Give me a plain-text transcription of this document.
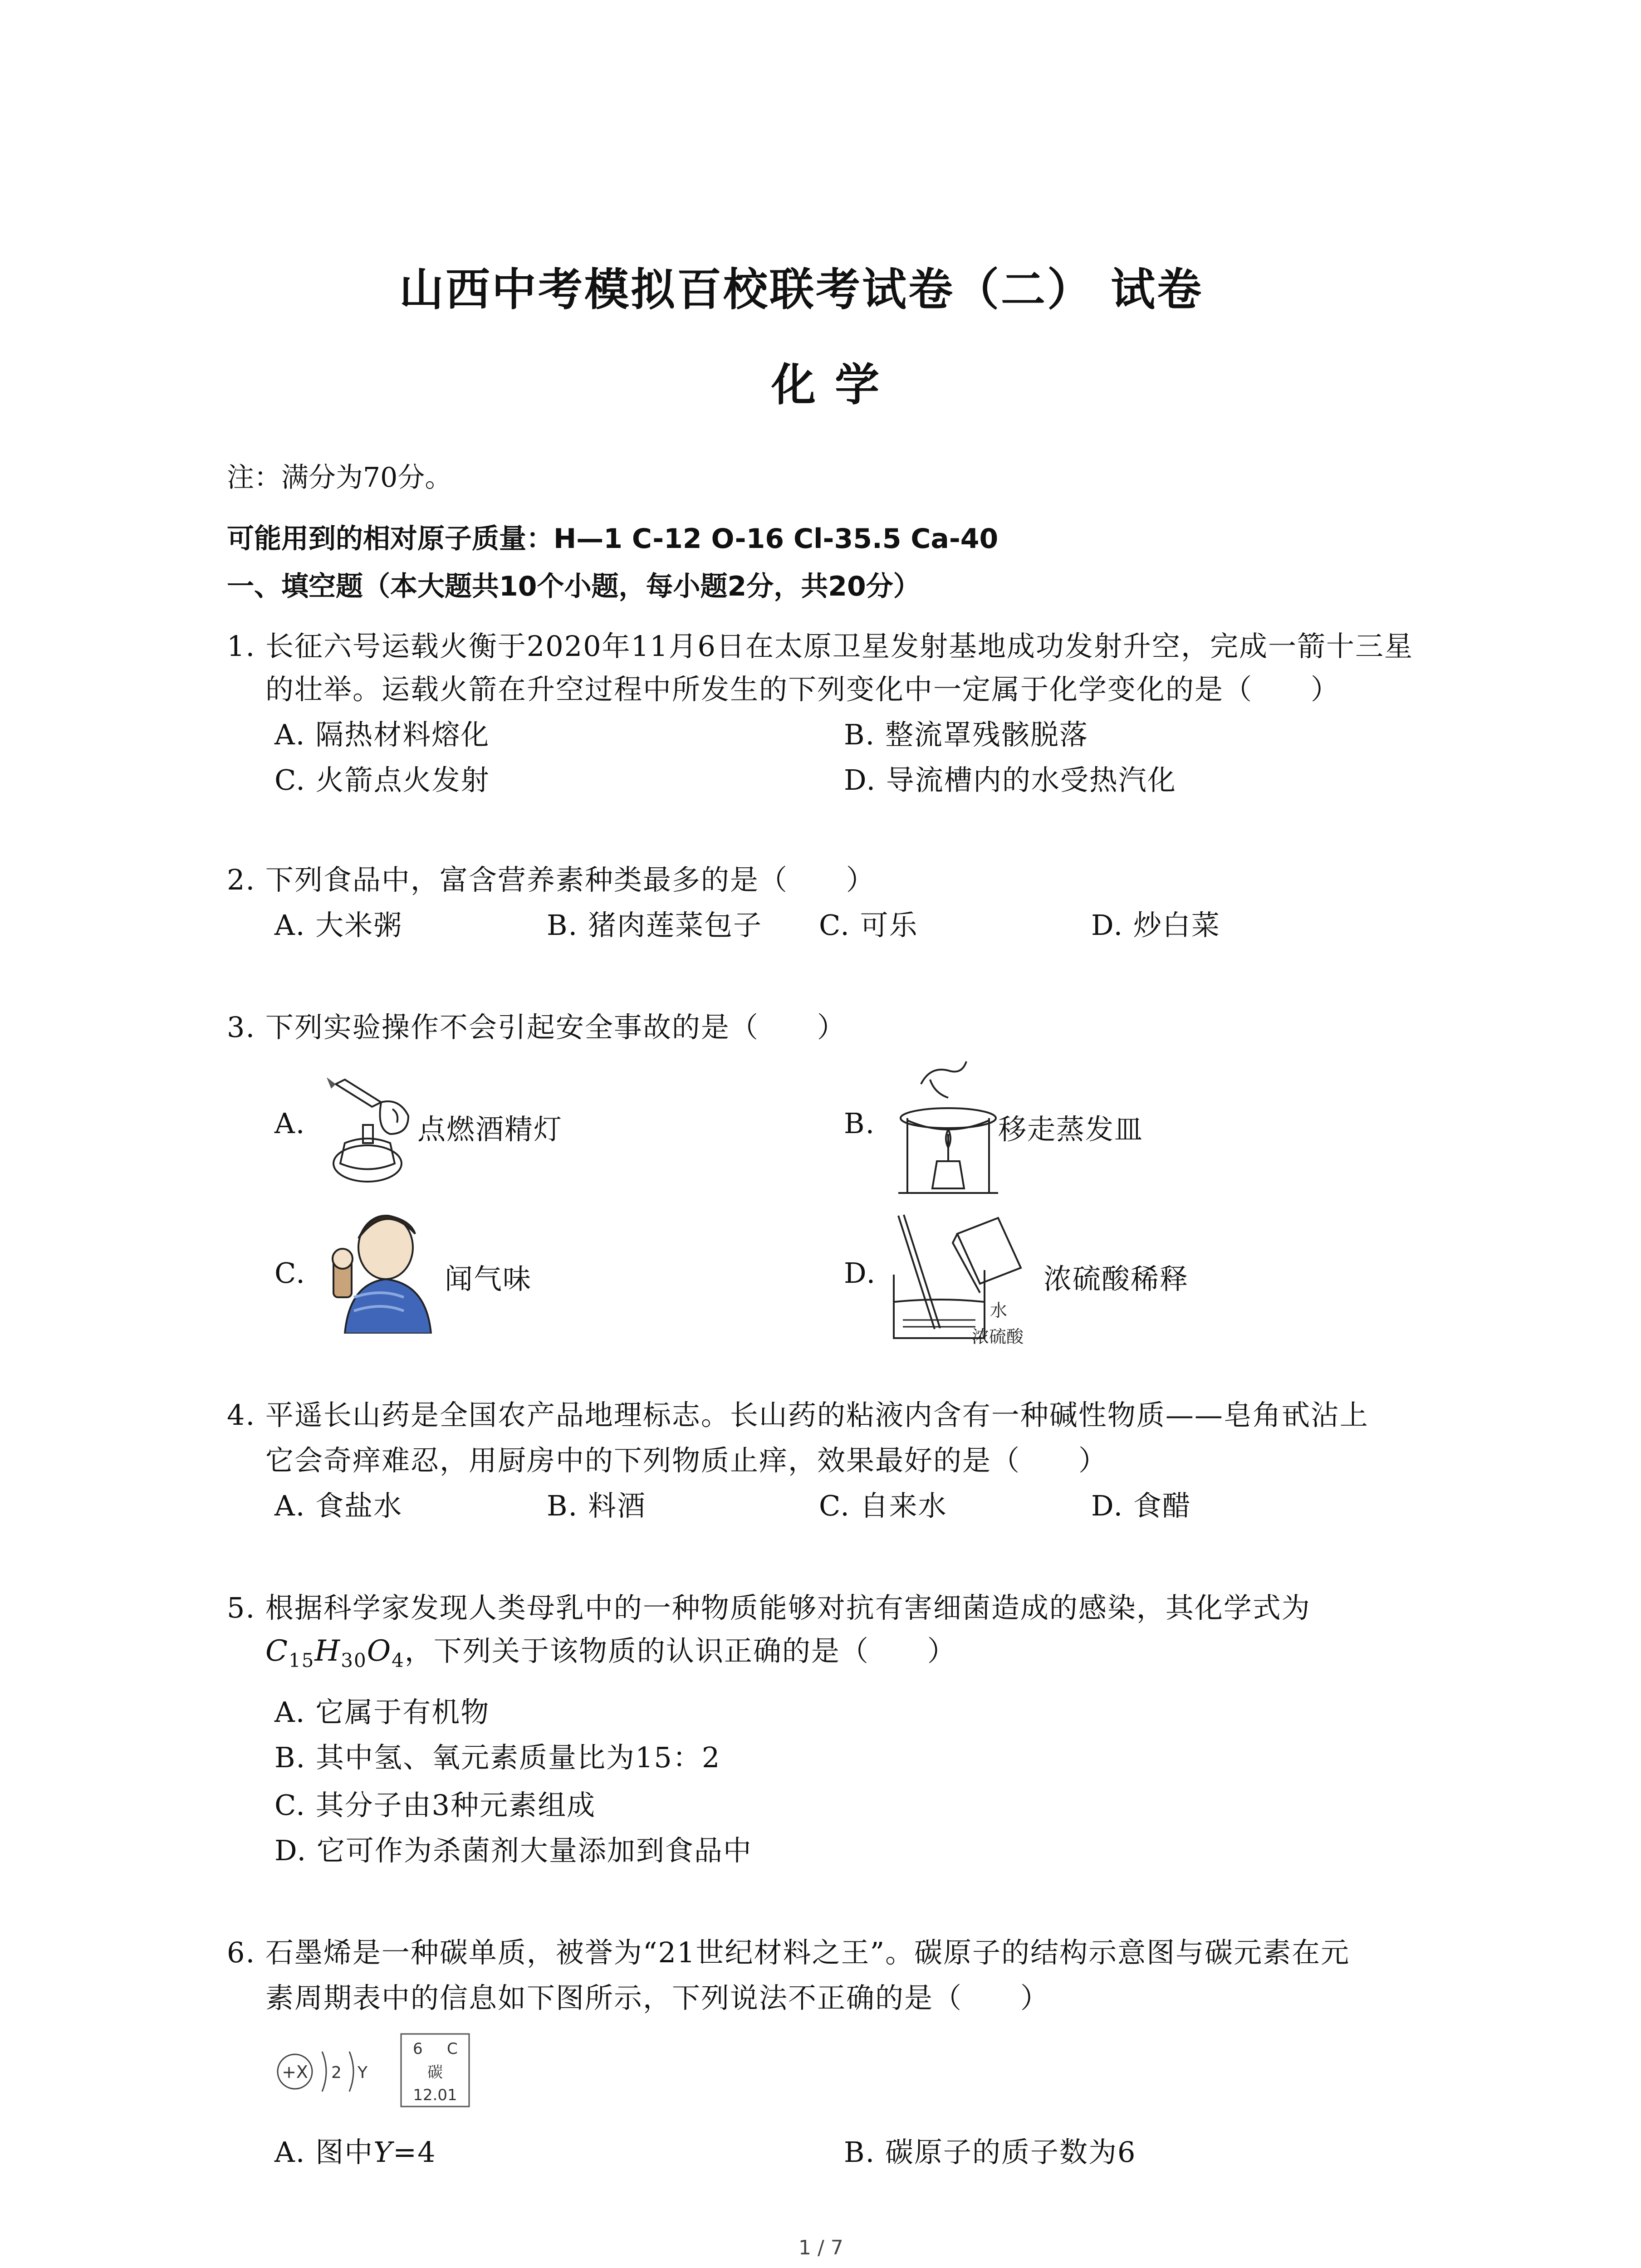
山西中考模拟百校联考试卷（二） 试卷
化 学
注：满分为70分。
可能用到的相对原子质量：H—1 C-12 O-16 Cl-35.5 Ca-40
一、填空题（本大题共10个小题，每小题2分，共20分）
1. 长征六号运载火衡于2020年11月6日在太原卫星发射基地成功发射升空，完成一箭十三星
的壮举。运载火箭在升空过程中所发生的下列变化中一定属于化学变化的是（　　）
A. 隔热材料熔化	B. 整流罩残骸脱落
C. 火箭点火发射	D. 导流槽内的水受热汽化
2. 下列食品中，富含营养素种类最多的是（　　）
A. 大米粥	B. 猪肉莲菜包子 C. 可乐	D. 炒白菜
3. 下列实验操作不会引起安全事故的是（　　）
A.	点燃酒精灯	B.	移走蒸发皿
C.	闻气味	D.
水
浓硫酸
浓硫酸稀释
4. 平遥长山药是全国农产品地理标志。长山药的粘液内含有一种碱性物质——皂角甙沾上
它会奇痒难忍，用厨房中的下列物质止痒，效果最好的是（　　）
A. 食盐水	B. 料酒	C. 自来水	D. 食醋
5. 根据科学家发现人类母乳中的一种物质能够对抗有害细菌造成的感染，其化学式为
$C_{15}H_{30}O_4$，下列关于该物质的认识正确的是（　　）
A. 它属于有机物
B. 其中氢、氧元素质量比为15：2
C. 其分子由3种元素组成
D. 它可作为杀菌剂大量添加到食品中
6. 石墨烯是一种碳单质，被誉为“21世纪材料之王”。碳原子的结构示意图与碳元素在元
素周期表中的信息如下图所示，下列说法不正确的是（　　）
+X 2 Y
6 C
碳
12.01
A. 图中Y=4	B. 碳原子的质子数为6
1 / 7
